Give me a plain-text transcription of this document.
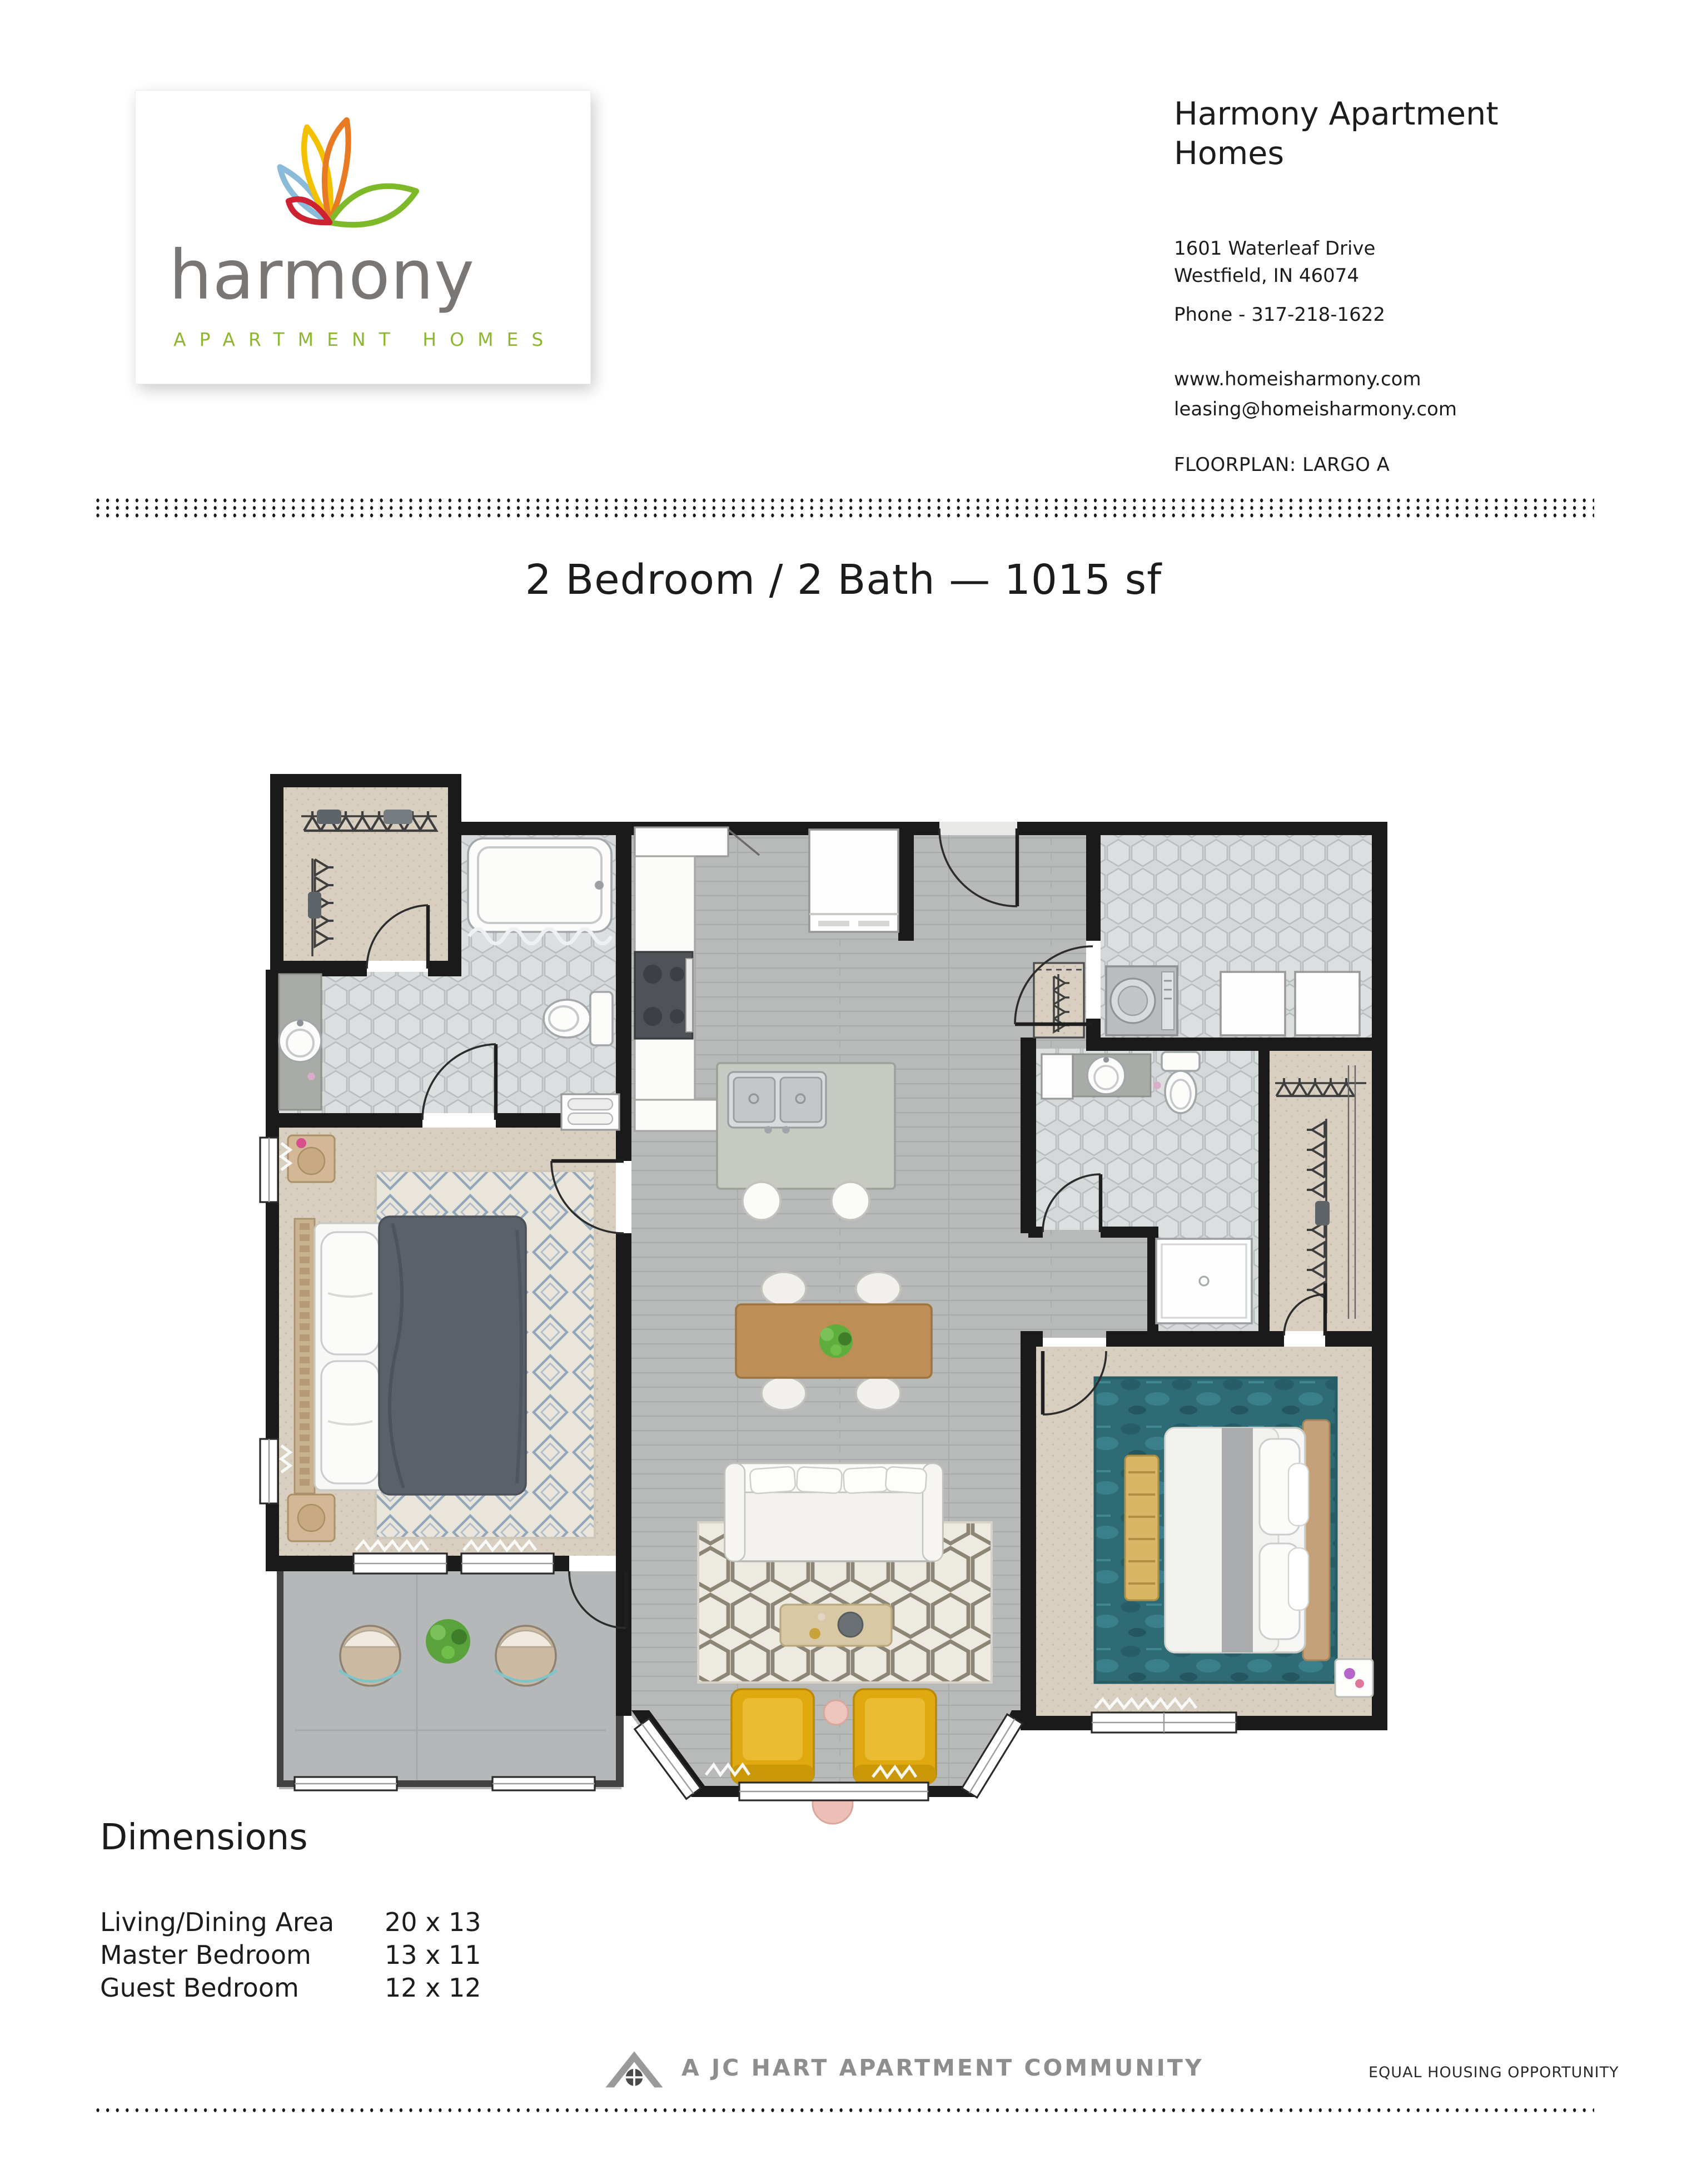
harmony
APARTMENT HOMES
Harmony Apartment
Homes
1601 Waterleaf Drive
Westfield, IN 46074
Phone - 317-218-1622
www.homeisharmony.com
leasing@homeisharmony.com
FLOORPLAN: LARGO A
2 Bedroom / 2 Bath — 1015 sf
Dimensions
Living/Dining Area	20 x 13
Master Bedroom	13 x 11
Guest Bedroom	12 x 12
A JC HART APARTMENT COMMUNITY	EQUAL HOUSING OPPORTUNITY
